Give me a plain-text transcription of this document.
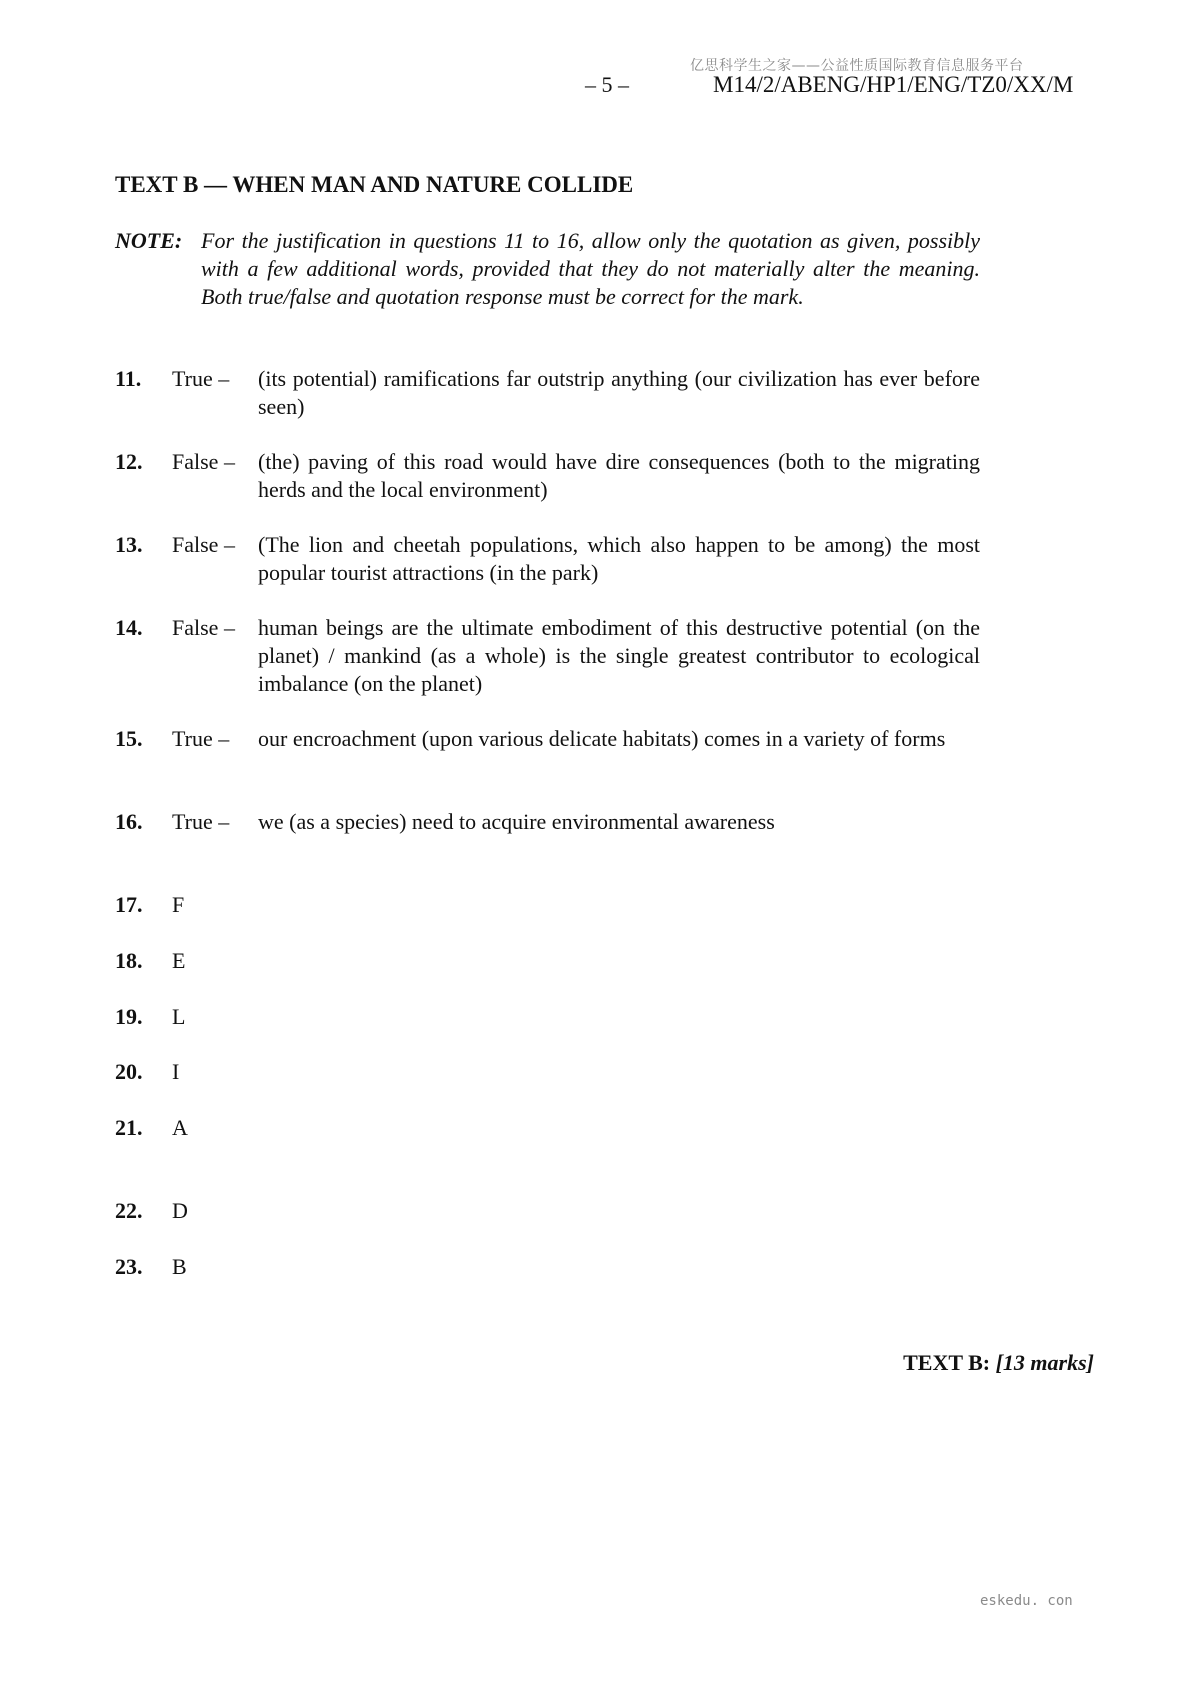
亿思科学生之家——公益性质国际教育信息服务平台
– 5 –	M14/2/ABENG/HP1/ENG/TZ0/XX/M
TEXT B — WHEN MAN AND NATURE COLLIDE
NOTE: For the justification in questions 11 to 16, allow only the quotation as given, possibly with a few additional words, provided that they do not materially alter the meaning. Both true/false and quotation response must be correct for the mark.
11. True – (its potential) ramifications far outstrip anything (our civilization has ever before seen)
12. False – (the) paving of this road would have dire consequences (both to the migrating herds and the local environment)
13. False – (The lion and cheetah populations, which also happen to be among) the most popular tourist attractions (in the park)
14. False – human beings are the ultimate embodiment of this destructive potential (on the planet) / mankind (as a whole) is the single greatest contributor to ecological imbalance (on the planet)
15. True – our encroachment (upon various delicate habitats) comes in a variety of forms
16. True – we (as a species) need to acquire environmental awareness
17. F
18. E
19. L
20. I
21. A
22. D
23. B
TEXT B: [13 marks]
eskedu. con
